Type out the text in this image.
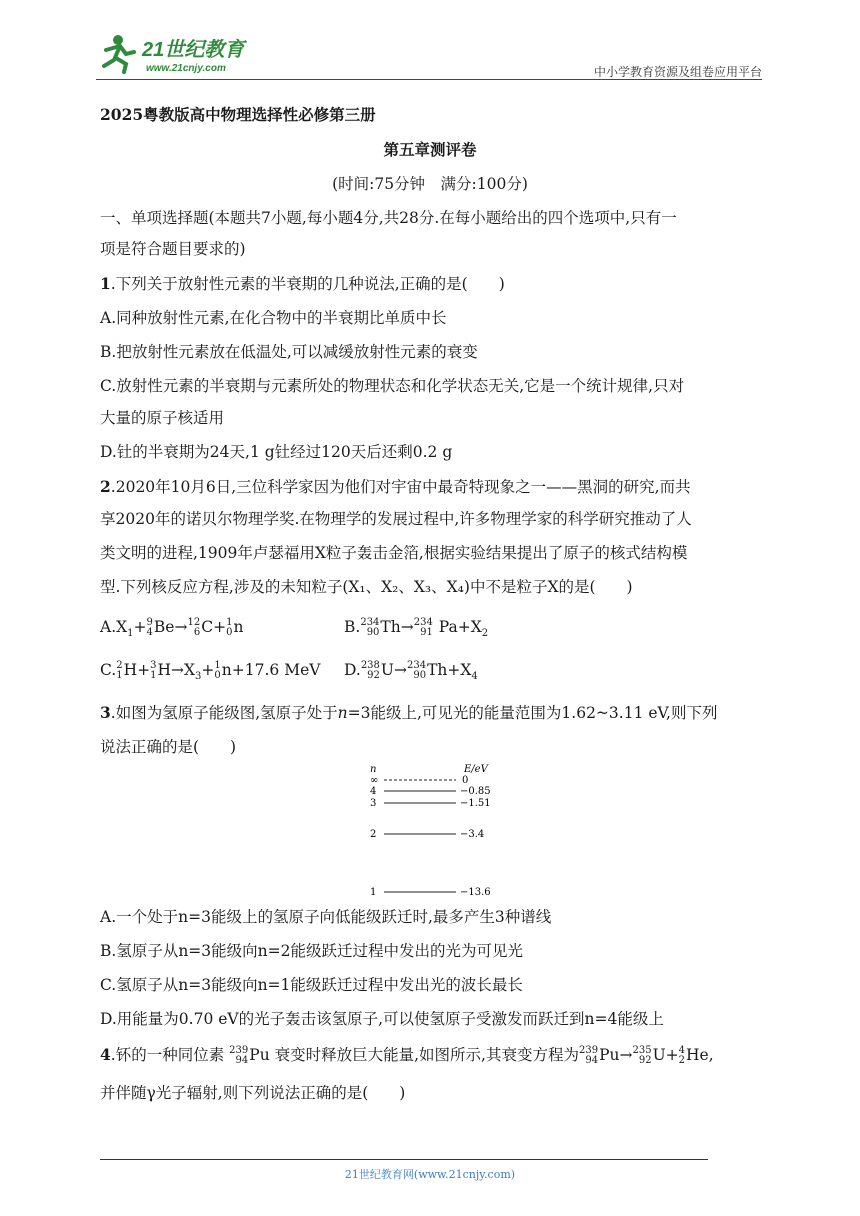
21世纪教育
www.21cnjy.com	中小学教育资源及组卷应用平台
2025粤教版高中物理选择性必修第三册
第五章测评卷
(时间:75分钟　满分:100分)
一、单项选择题(本题共7小题,每小题4分,共28分.在每小题给出的四个选项中,只有一
项是符合题目要求的)
1.下列关于放射性元素的半衰期的几种说法,正确的是(　　)
A.同种放射性元素,在化合物中的半衰期比单质中长
B.把放射性元素放在低温处,可以减缓放射性元素的衰变
C.放射性元素的半衰期与元素所处的物理状态和化学状态无关,它是一个统计规律,只对
大量的原子核适用
D.钍的半衰期为24天,1 g钍经过120天后还剩0.2 g
2.2020年10月6日,三位科学家因为他们对宇宙中最奇特现象之一——黑洞的研究,而共
享2020年的诺贝尔物理学奖.在物理学的发展过程中,许多物理学家的科学研究推动了人
类文明的进程,1909年卢瑟福用X粒子轰击金箔,根据实验结果提出了原子的核式结构模
型.下列核反应方程,涉及的未知粒子(X₁、X₂、X₃、X₄)中不是粒子X的是(　　)
$A.X_1+ 9$
4 Be→ 12
6 C+ 1
0 n	B. 234
90 Th→ 234
91 $Pa+X_2$
C. 2
1 H+ 3
1 $H\to X_3+ 1$
0 n+17.6 MeV D. 238
92 U→ 234
90 $Th+X_4$
3.如图为氢原子能级图,氢原子处于n=3能级上,可见光的能量范围为1.62~3.11 eV,则下列
说法正确的是(　　)
n	E/eV
∞	0
4	−0.85
3	−1.51
2	−3.4
1	−13.6
A.一个处于n=3能级上的氢原子向低能级跃迁时,最多产生3种谱线
B.氢原子从n=3能级向n=2能级跃迁过程中发出的光为可见光
C.氢原子从n=3能级向n=1能级跃迁过程中发出光的波长最长
D.用能量为0.70 eV的光子轰击该氢原子,可以使氢原子受激发而跃迁到n=4能级上
4.钚的一种同位素 239
94 Pu 衰变时释放巨大能量,如图所示,其衰变方程为 239
94 Pu→ 235
92 U+ 4
2 He,
并伴随γ光子辐射,则下列说法正确的是(　　)
21世纪教育网(www.21cnjy.com)
